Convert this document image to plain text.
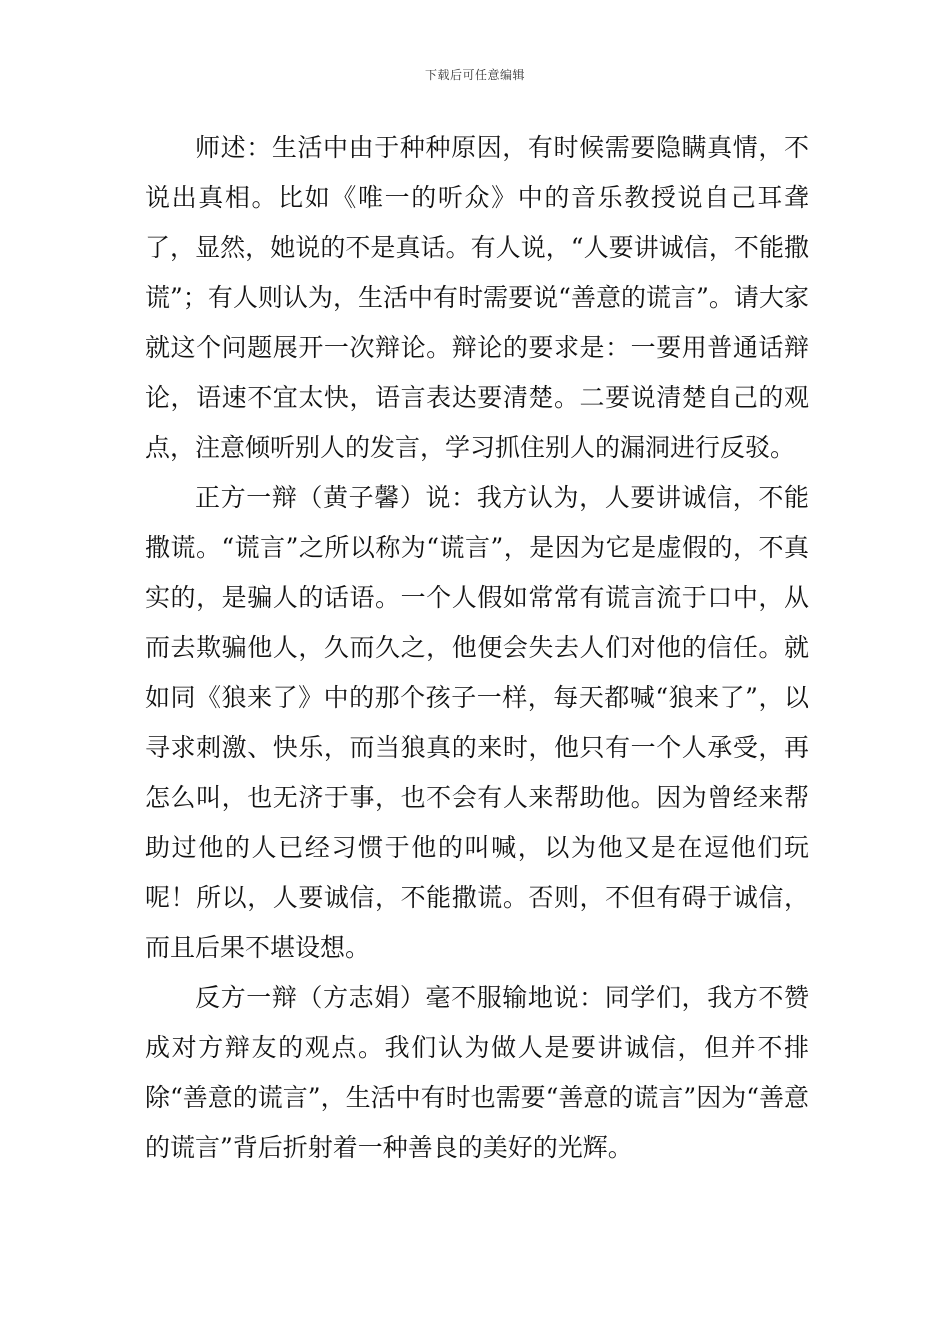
下载后可任意编辑

师述：生活中由于种种原因，有时候需要隐瞒真情，不说出真相。比如《唯一的听众》中的音乐教授说自己耳聋了，显然，她说的不是真话。有人说，“人要讲诚信，不能撒谎”；有人则认为，生活中有时需要说“善意的谎言”。请大家就这个问题展开一次辩论。辩论的要求是：一要用普通话辩论，语速不宜太快，语言表达要清楚。二要说清楚自己的观点，注意倾听别人的发言，学习抓住别人的漏洞进行反驳。

正方一辩（黄子馨）说：我方认为，人要讲诚信，不能撒谎。“谎言”之所以称为“谎言”，是因为它是虚假的，不真实的，是骗人的话语。一个人假如常常有谎言流于口中，从而去欺骗他人，久而久之，他便会失去人们对他的信任。就如同《狼来了》中的那个孩子一样，每天都喊“狼来了”，以寻求刺激、快乐，而当狼真的来时，他只有一个人承受，再怎么叫，也无济于事，也不会有人来帮助他。因为曾经来帮助过他的人已经习惯于他的叫喊，以为他又是在逗他们玩呢！所以，人要诚信，不能撒谎。否则，不但有碍于诚信，而且后果不堪设想。

反方一辩（方志娟）毫不服输地说：同学们，我方不赞成对方辩友的观点。我们认为做人是要讲诚信，但并不排除“善意的谎言”，生活中有时也需要“善意的谎言”因为“善意的谎言”背后折射着一种善良的美好的光辉。
